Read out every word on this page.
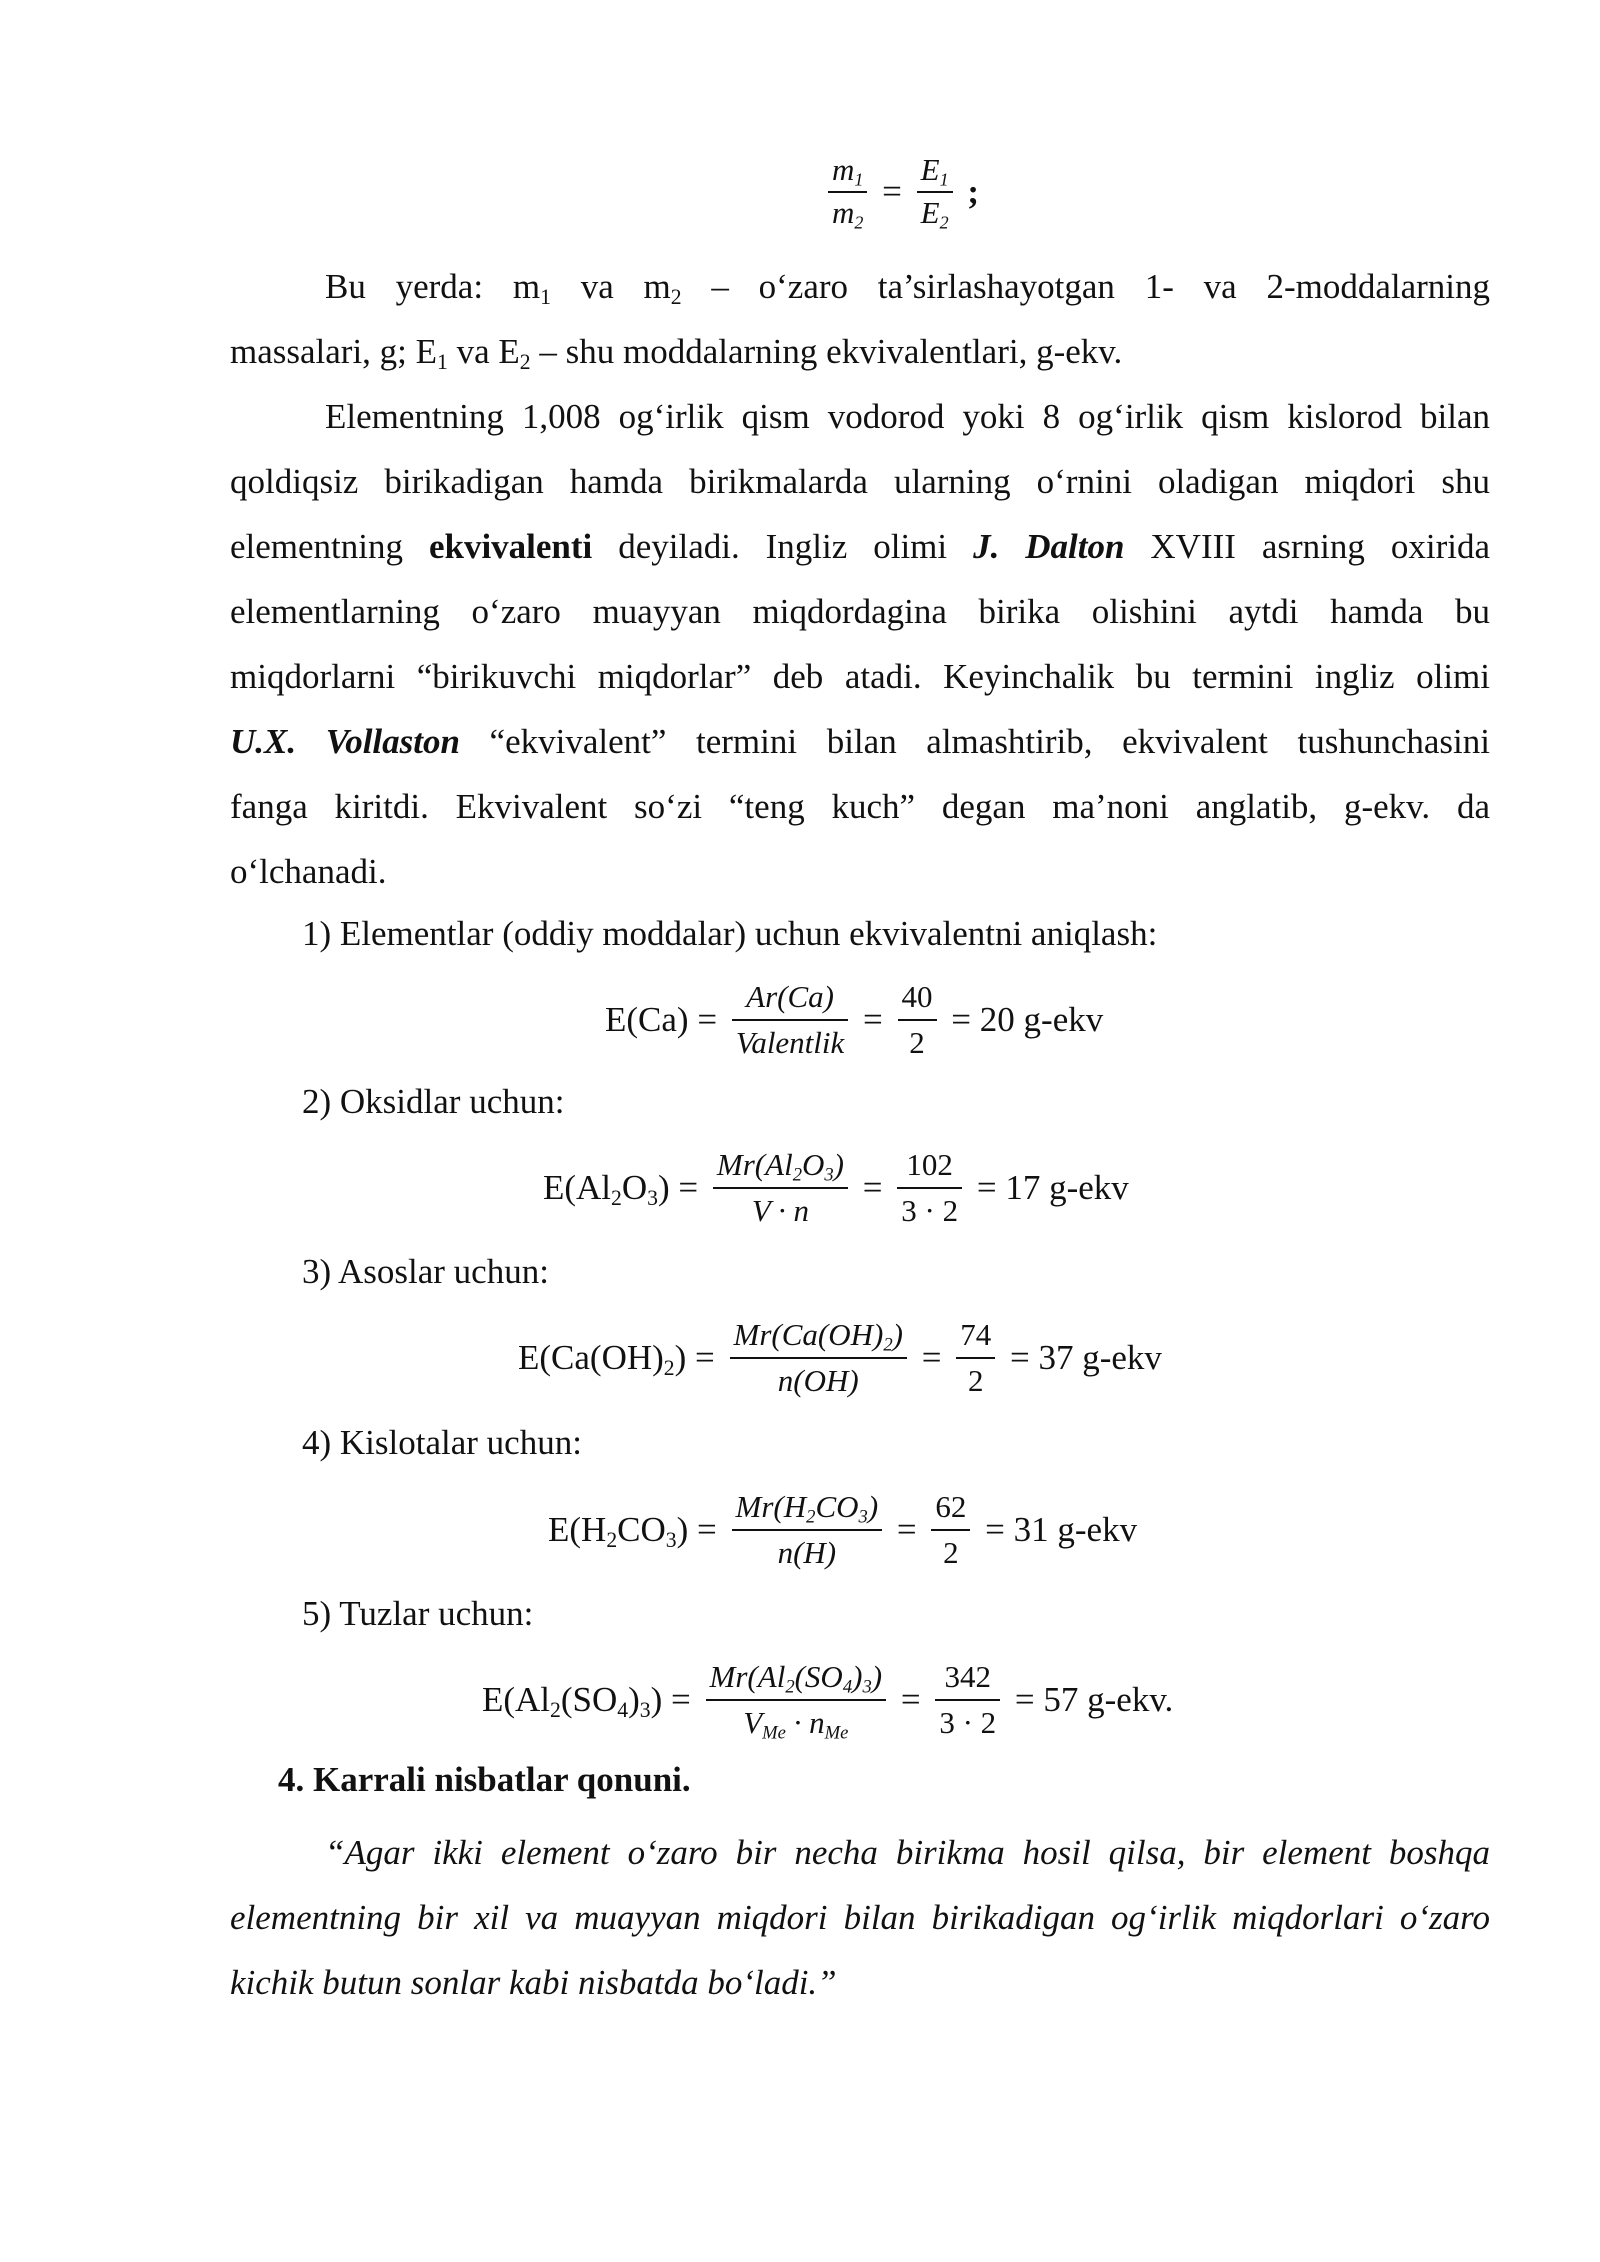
$\frac{m1}{m2} = \frac{E1}{E2}$ ;
Bu yerda: $m_1$ va $m_2$ – o‘zaro ta’sirlashayotgan 1- va 2-moddalarning
massalari, g; $E_1$ va $E_2$ – shu moddalarning ekvivalentlari, g-ekv.
Elementning 1,008 og‘irlik qism vodorod yoki 8 og‘irlik qism kislorod bilan
qoldiqsiz birikadigan hamda birikmalarda ularning o‘rnini oladigan miqdori shu
elementning ekvivalenti deyiladi. Ingliz olimi J. Dalton XVIII asrning oxirida
elementlarning o‘zaro muayyan miqdordagina birika olishini aytdi hamda bu
miqdorlarni “birikuvchi miqdorlar” deb atadi. Keyinchalik bu termini ingliz olimi
U.X. Vollaston “ekvivalent” termini bilan almashtirib, ekvivalent tushunchasini
fanga kiritdi. Ekvivalent so‘zi “teng kuch” degan ma’noni anglatib, g-ekv. da
o‘lchanadi.
1) Elementlar (oddiy moddalar) uchun ekvivalentni aniqlash:
$E(Ca) = \frac{Ar(Ca)}{\text{Valentlik}} = \frac{40}{2} = 20$ g-ekv
2) Oksidlar uchun:
$E(Al_2O_3) = \frac{Mr(Al2O3)}{V \cdot n} = \frac{102}{3 \cdot 2} = 17$ g-ekv
3) Asoslar uchun:
$E(Ca(OH)_2) = \frac{Mr(Ca(OH)2)}{n(OH)} = \frac{74}{2} = 37$ g-ekv
4) Kislotalar uchun:
$E(H_2CO_3) = \frac{Mr(H2CO3)}{n(H)} = \frac{62}{2} = 31$ g-ekv
5) Tuzlar uchun:
$E(Al_2(SO_4)_3) = \frac{Mr(Al2(SO4)3)}{\text{VMe · nMe}} = \frac{342}{3 \cdot 2} = 57$ g-ekv.
4. Karrali nisbatlar qonuni.
“Agar ikki element o‘zaro bir necha birikma hosil qilsa, bir element boshqa
elementning bir xil va muayyan miqdori bilan birikadigan og‘irlik miqdorlari o‘zaro
kichik butun sonlar kabi nisbatda bo‘ladi.”
